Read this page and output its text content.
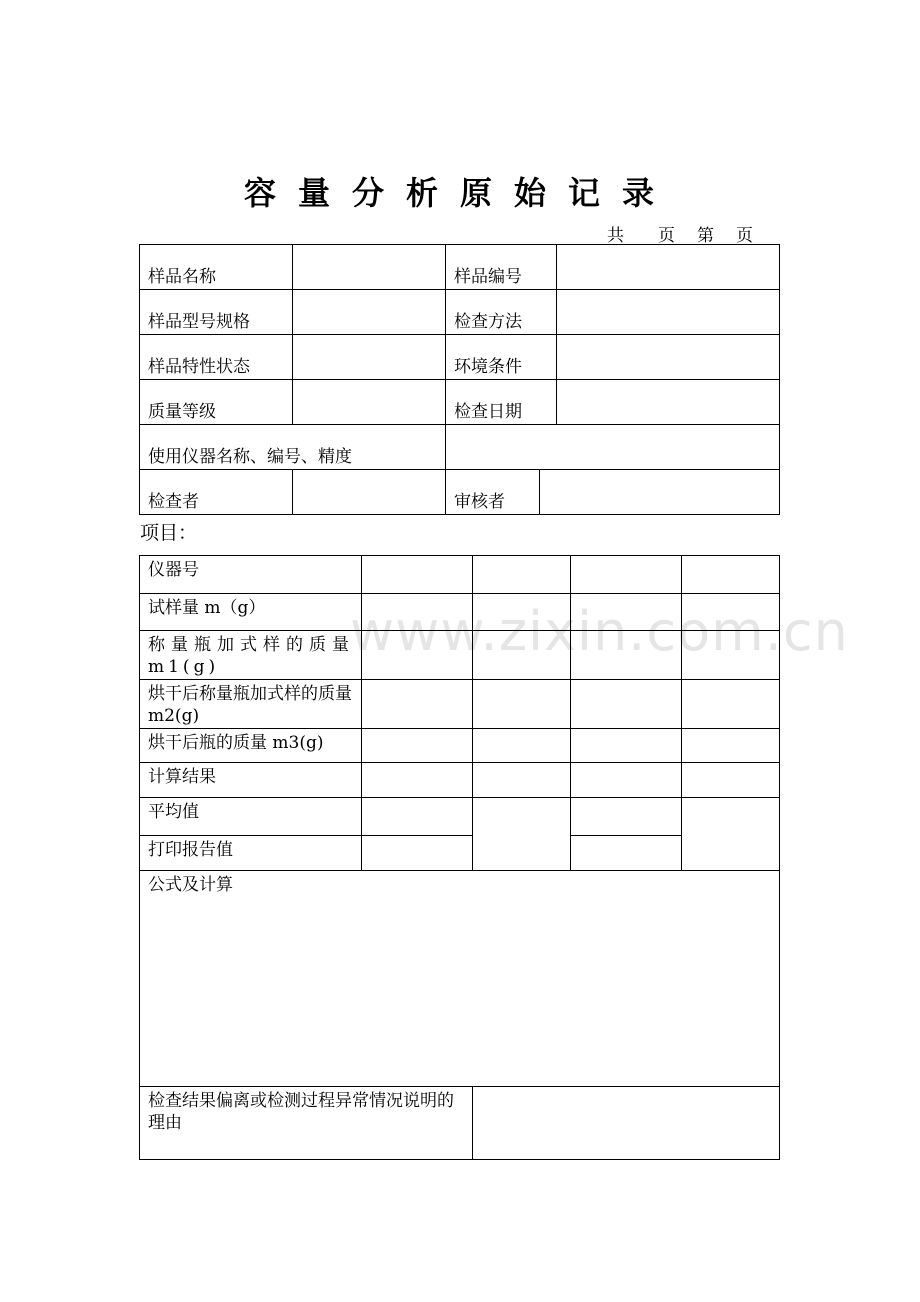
容量分析原始记录
共	页	第	页
样品名称		样品编号		
样品型号规格		检查方法		
样品特性状态		环境条件		
质量等级		检查日期		
使用仪器名称、编号、精度				
检查者		审核者		
项目：
www.zixin.com.cn
仪器号				
试样量 m（g）				
称量瓶加式样的质量 m1(g)				
烘干后称量瓶加式样的质量 m2(g)				
烘干后瓶的质量 m3(g)				
计算结果				
平均值				
打印报告值				
公式及计算				
检查结果偏离或检测过程异常情况说明的理由				
